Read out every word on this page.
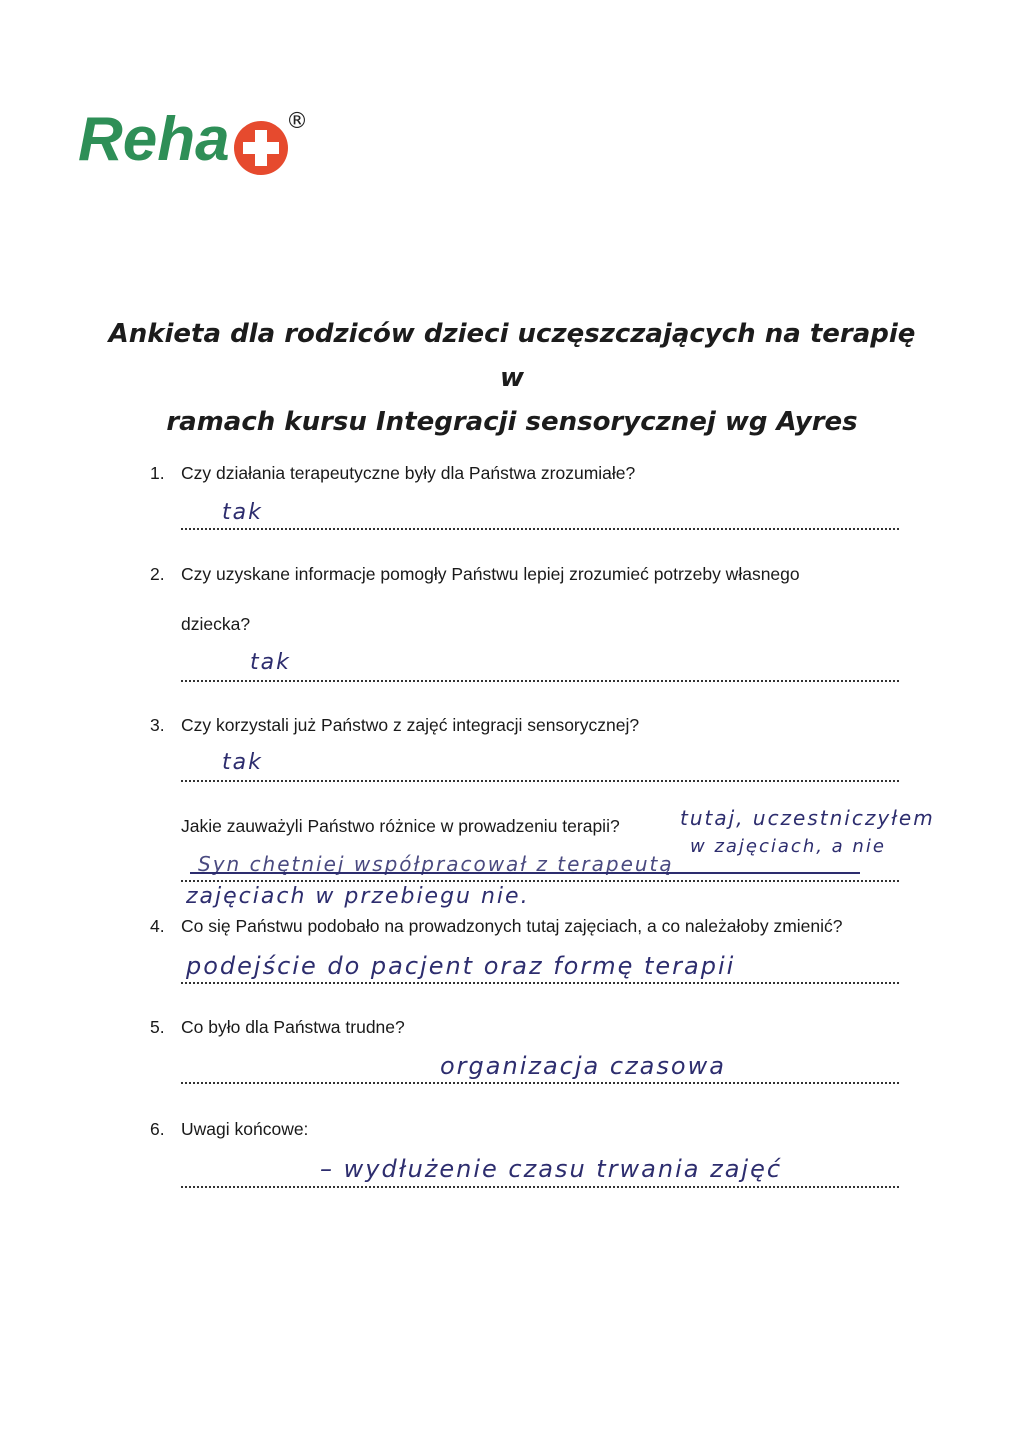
Reha	®
Ankieta dla rodziców dzieci uczęszczających na terapię w
ramach kursu Integracji sensorycznej wg Ayres
1. Czy działania terapeutyczne były dla Państwa zrozumiałe?
tak
2. Czy uzyskane informacje pomogły Państwu lepiej zrozumieć potrzeby własnego
dziecka?
tak
3. Czy korzystali już Państwo z zajęć integracji sensorycznej?
tak
Jakie zauważyli Państwo różnice w prowadzeniu terapii?	tutaj, uczestniczyłem
w zajęciach, a nie
Syn chętniej współpracował z terapeutą
zajęciach w przebiegu nie.
4. Co się Państwu podobało na prowadzonych tutaj zajęciach, a co należałoby zmienić?
podejście do pacjent oraz formę terapii
5. Co było dla Państwa trudne?
organizacja czasowa
6. Uwagi końcowe:
– wydłużenie czasu trwania zajęć
